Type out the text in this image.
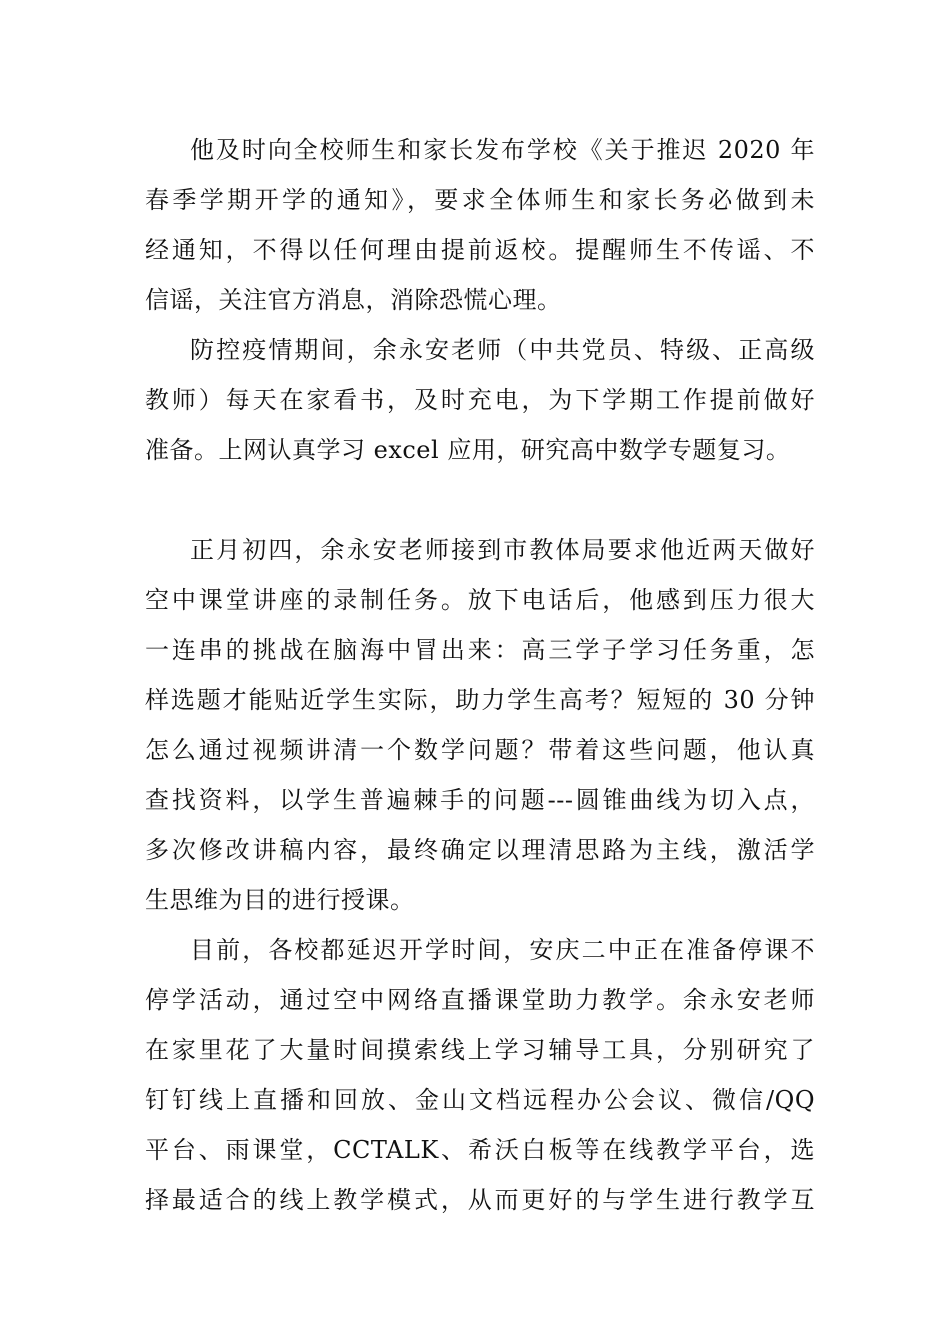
他及时向全校师生和家长发布学校《关于推迟 2020 年
春季学期开学的通知》，要求全体师生和家长务必做到未
经通知，不得以任何理由提前返校。提醒师生不传谣、不
信谣，关注官方消息，消除恐慌心理。
防控疫情期间，余永安老师（中共党员、特级、正高级
教师）每天在家看书，及时充电，为下学期工作提前做好
准备。上网认真学习 excel 应用，研究高中数学专题复习。
正月初四，余永安老师接到市教体局要求他近两天做好
空中课堂讲座的录制任务。放下电话后，他感到压力很大
一连串的挑战在脑海中冒出来：高三学子学习任务重，怎
样选题才能贴近学生实际，助力学生高考？短短的 30 分钟
怎么通过视频讲清一个数学问题？带着这些问题，他认真
查找资料，以学生普遍棘手的问题---圆锥曲线为切入点，
多次修改讲稿内容，最终确定以理清思路为主线，激活学
生思维为目的进行授课。
目前，各校都延迟开学时间，安庆二中正在准备停课不
停学活动，通过空中网络直播课堂助力教学。余永安老师
在家里花了大量时间摸索线上学习辅导工具，分别研究了
钉钉线上直播和回放、金山文档远程办公会议、微信/QQ
平台、雨课堂，CCTALK、希沃白板等在线教学平台，选
择最适合的线上教学模式，从而更好的与学生进行教学互
